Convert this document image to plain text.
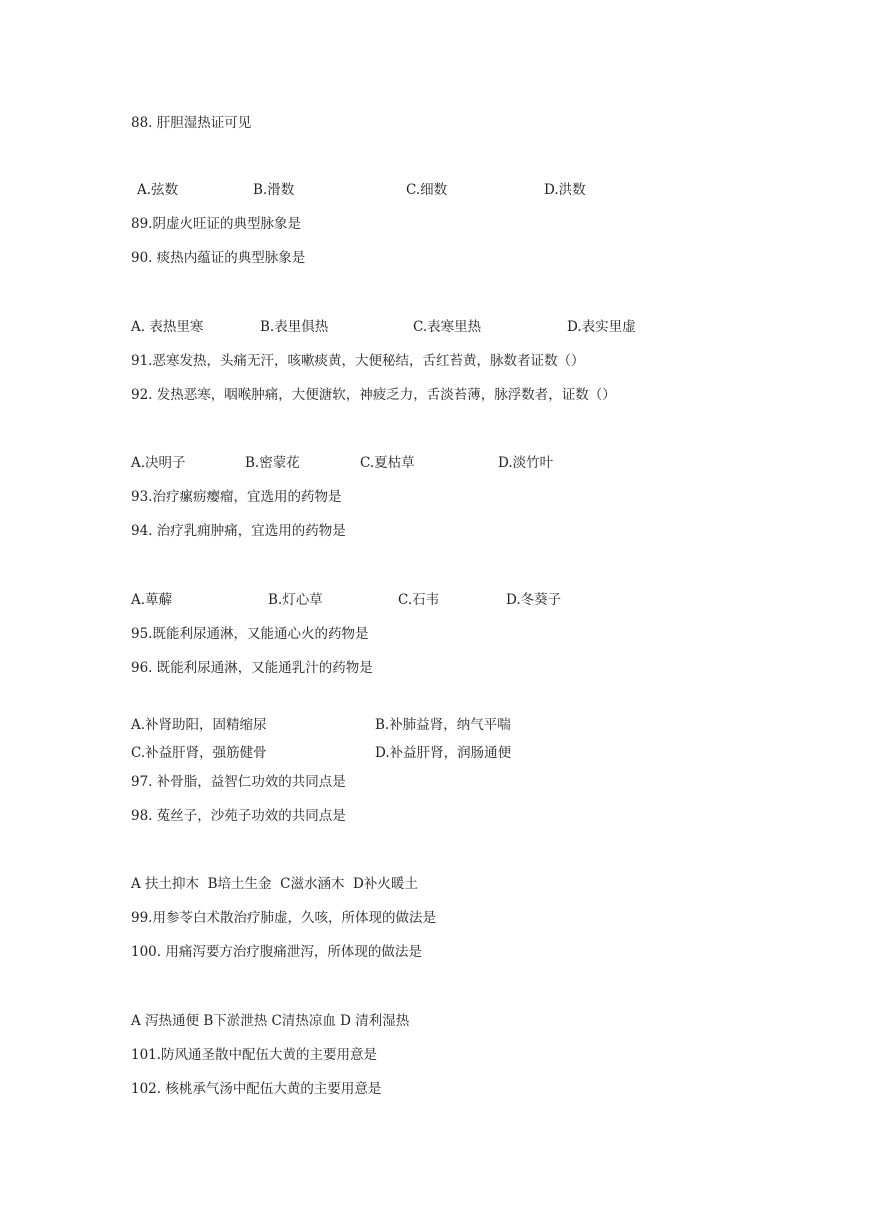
88. 肝胆湿热证可见
A.弦数	B.滑数	C.细数	D.洪数
89.阴虚火旺证的典型脉象是
90. 痰热内蕴证的典型脉象是
A. 表热里寒	B.表里俱热	C.表寒里热	D.表实里虚
91.恶寒发热，头痛无汗，咳嗽痰黄，大便秘结，舌红苔黄，脉数者证数（）
92. 发热恶寒，咽喉肿痛，大便溏软，神疲乏力，舌淡苔薄，脉浮数者，证数（）
A.决明子	B.密蒙花	C.夏枯草	D.淡竹叶
93.治疗瘰疬瘿瘤，宜选用的药物是
94. 治疗乳痈肿痛，宜选用的药物是
A.萆薢	B.灯心草	C.石韦	D.冬葵子
95.既能利尿通淋，又能通心火的药物是
96. 既能利尿通淋，又能通乳汁的药物是
A.补肾助阳，固精缩尿	B.补肺益肾，纳气平喘
C.补益肝肾，强筋健骨	D.补益肝肾，润肠通便
97. 补骨脂，益智仁功效的共同点是
98. 菟丝子，沙苑子功效的共同点是
A 扶土抑木  B培土生金  C滋水涵木  D补火暖土
99.用参苓白术散治疗肺虚，久咳，所体现的做法是
100. 用痛泻要方治疗腹痛泄泻，所体现的做法是
A 泻热通便 B下淤泄热 C清热凉血 D 清利湿热
101.防风通圣散中配伍大黄的主要用意是
102. 核桃承气汤中配伍大黄的主要用意是
